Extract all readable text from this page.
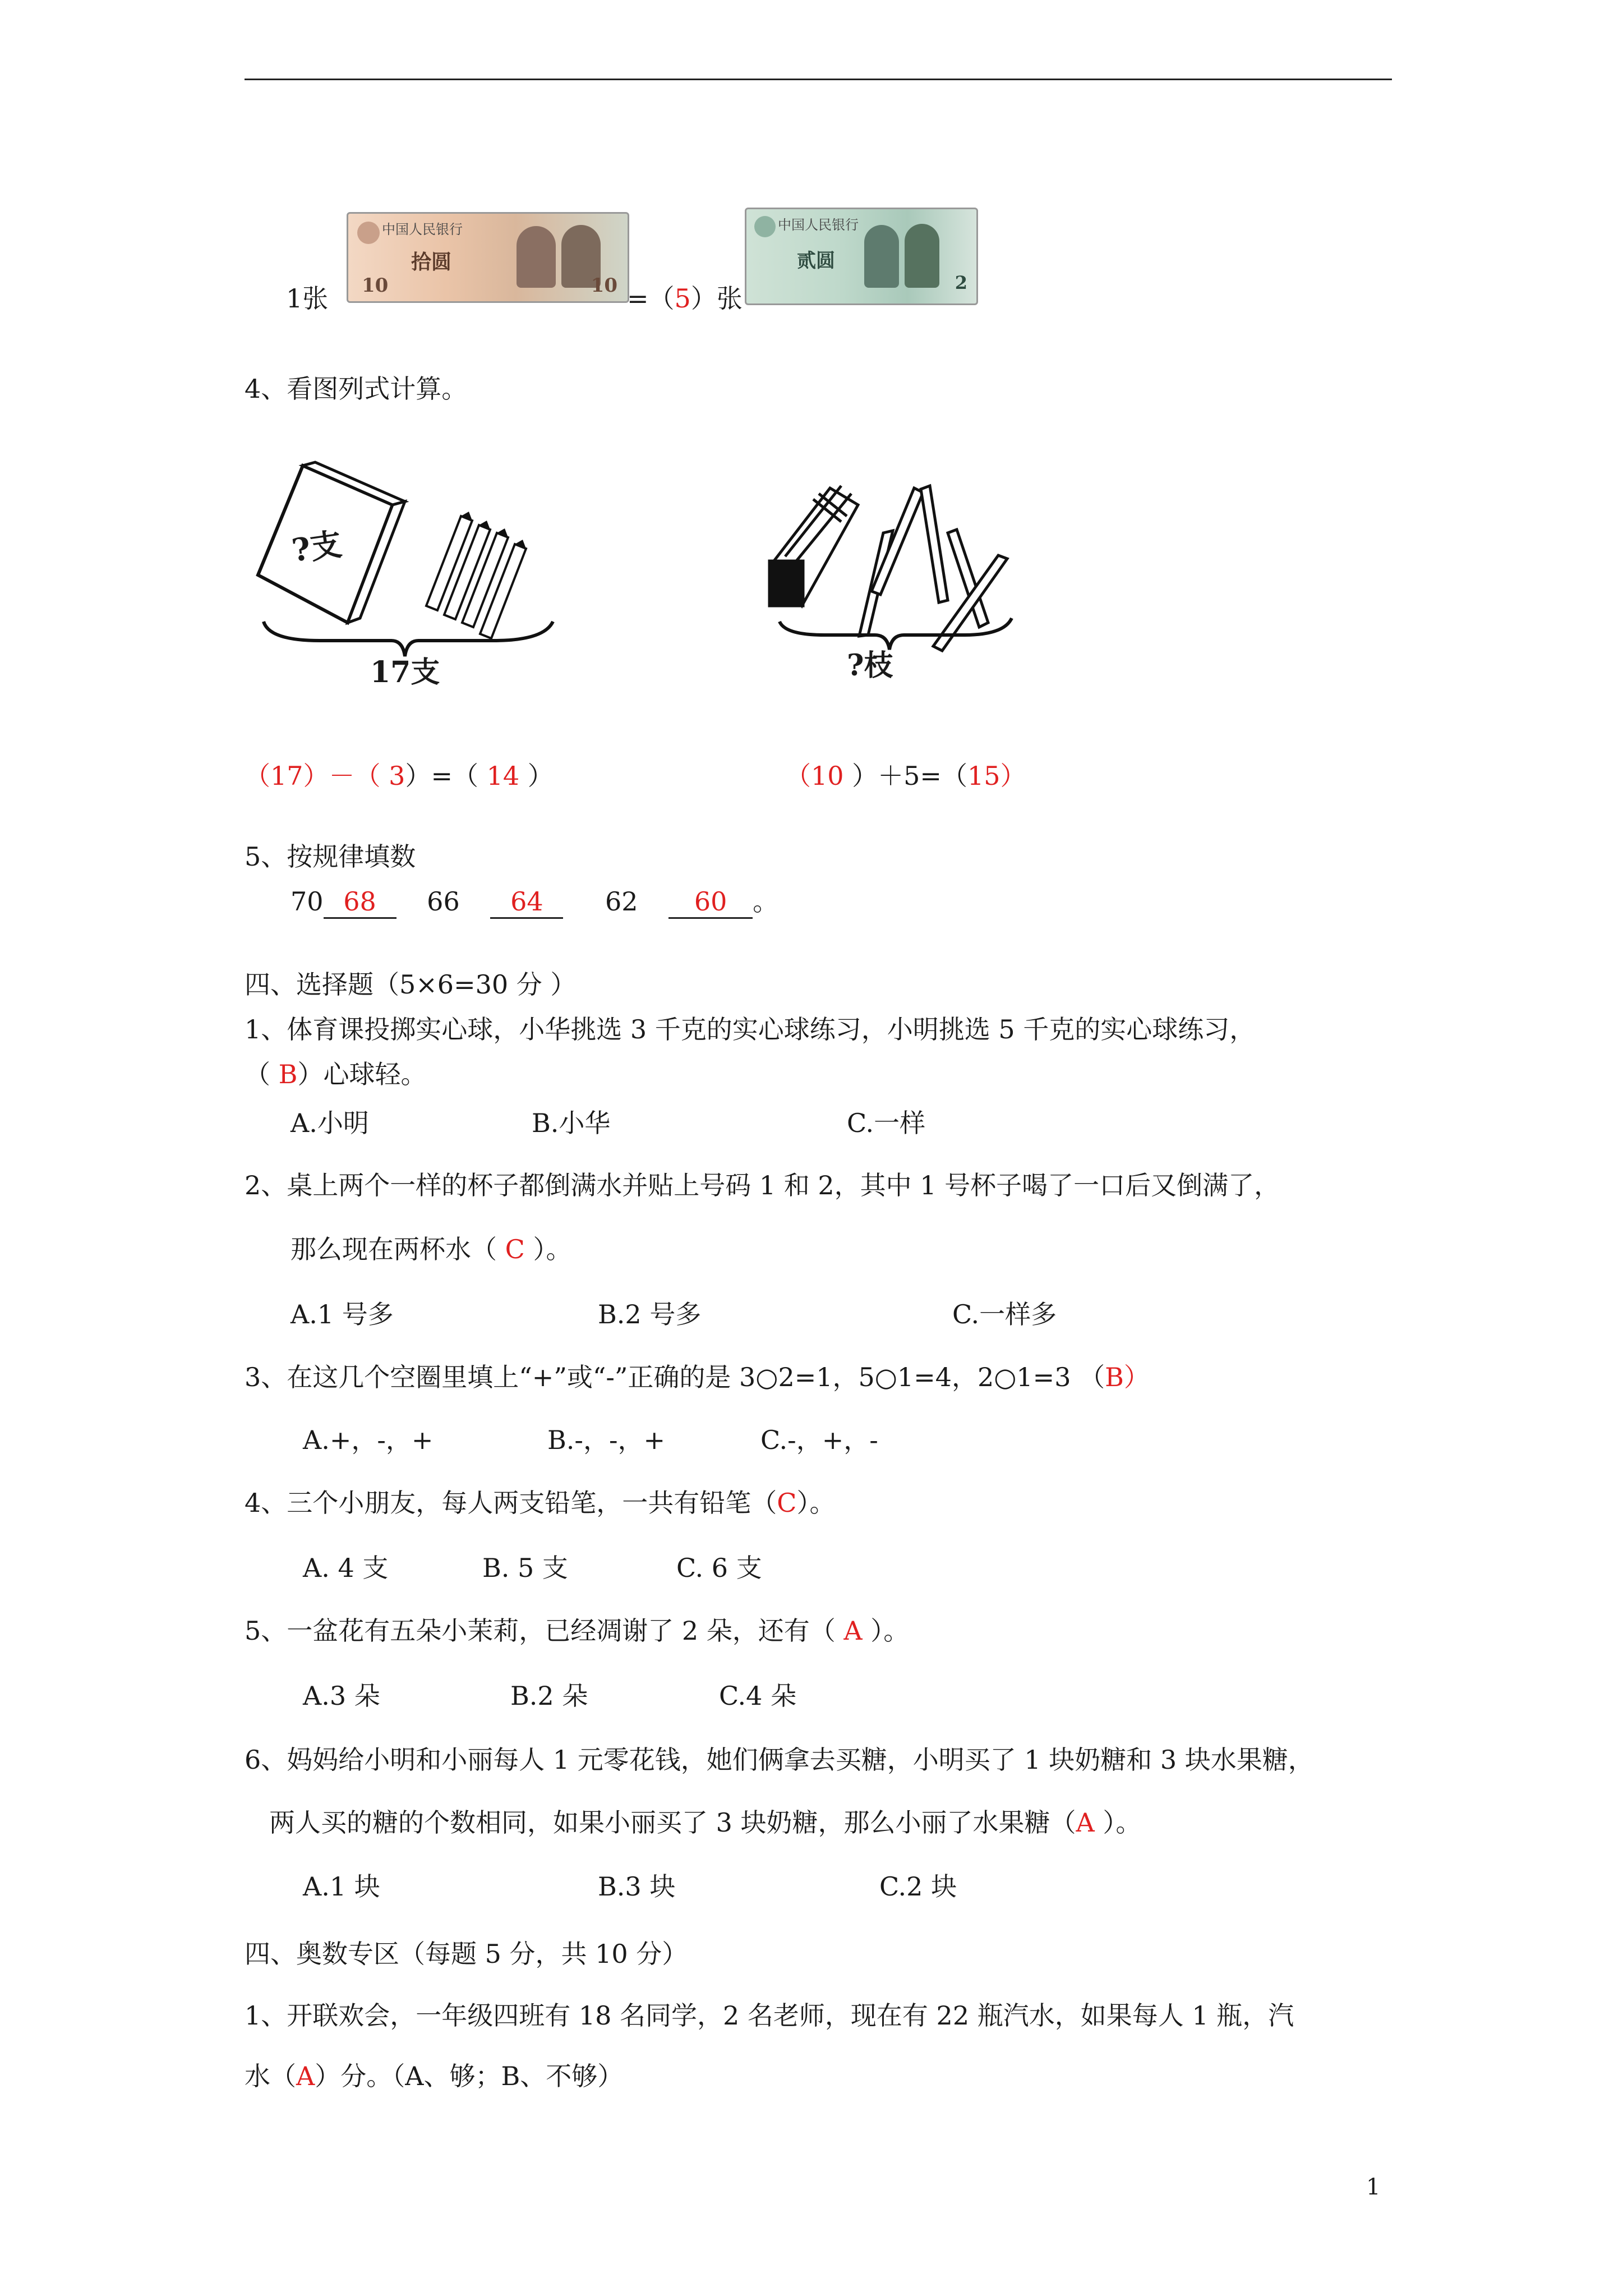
1张
中国人民银行
拾圆
10	10 =（5）张
中国人民银行
贰圆
2
4、看图列式计算。
?支
17支	?枝
（17）－（ 3）=（ 14 ）	（10 ）＋5=（15）
5、按规律填数
70 68 66 64 62 60 。
四、选择题（5×6=30 分 ）
1、体育课投掷实心球，小华挑选 3 千克的实心球练习，小明挑选 5 千克的实心球练习，
（ B）心球轻。
A.小明	B.小华	C.一样
2、桌上两个一样的杯子都倒满水并贴上号码 1 和 2，其中 1 号杯子喝了一口后又倒满了，
那么现在两杯水（ C ）。
A.1 号多	B.2 号多	C.一样多
3、在这几个空圈里填上“+”或“-”正确的是 3○2=1，5○1=4，2○1=3 （B）
A.+，-，+	B.-，-，+	C.-，+，-
4、三个小朋友，每人两支铅笔，一共有铅笔（C）。
A. 4 支	B. 5 支	C. 6 支
5、一盆花有五朵小茉莉，已经凋谢了 2 朵，还有（ A ）。
A.3 朵	B.2 朵	C.4 朵
6、妈妈给小明和小丽每人 1 元零花钱，她们俩拿去买糖，小明买了 1 块奶糖和 3 块水果糖，
两人买的糖的个数相同，如果小丽买了 3 块奶糖，那么小丽了水果糖（A ）。
A.1 块	B.3 块	C.2 块
四、奥数专区（每题 5 分，共 10 分）
1、开联欢会，一年级四班有 18 名同学，2 名老师，现在有 22 瓶汽水，如果每人 1 瓶，汽
水（A）分。（A、够；B、不够）
1
